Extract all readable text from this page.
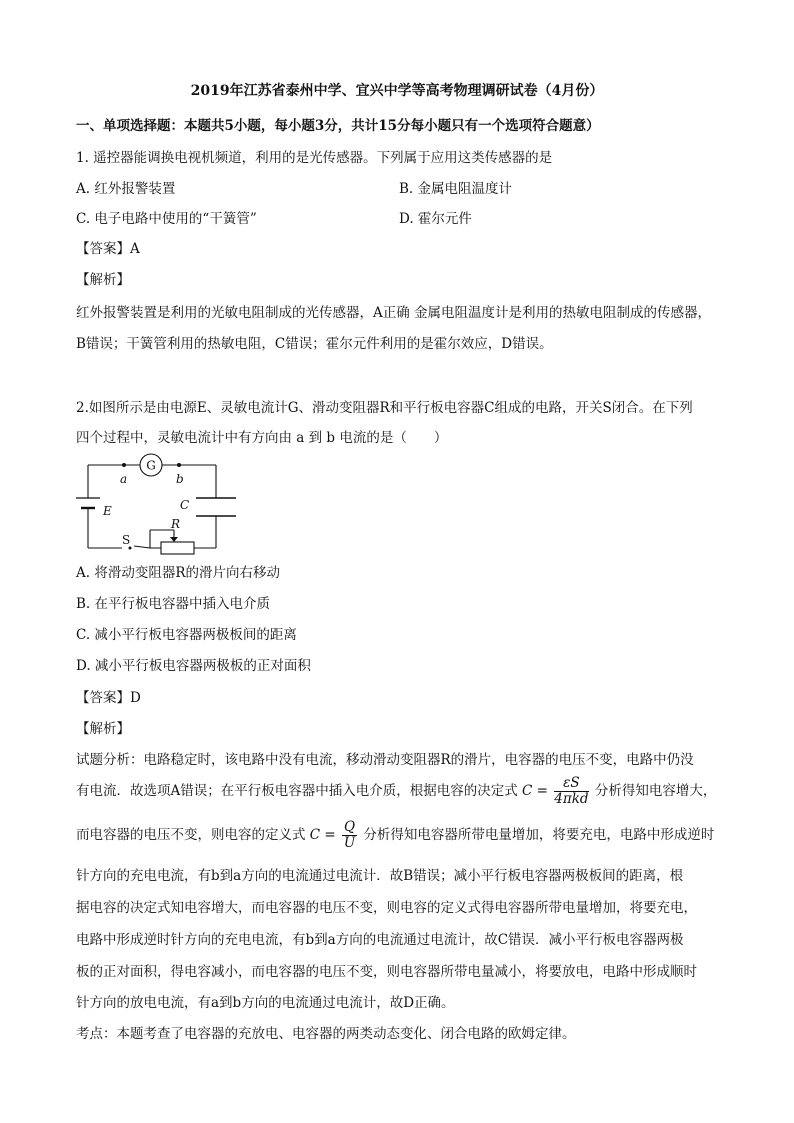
2019年江苏省泰州中学、宜兴中学等高考物理调研试卷（4月份）
一、单项选择题：本题共5小题，每小题3分，共计15分每小题只有一个选项符合题意）
1. 遥控器能调换电视机频道，利用的是光传感器。下列属于应用这类传感器的是
A. 红外报警装置	B. 金属电阻温度计
C. 电子电路中使用的“干簧管”	D. 霍尔元件
【答案】A
【解析】
红外报警装置是利用的光敏电阻制成的光传感器，A正确 金属电阻温度计是利用的热敏电阻制成的传感器，
B错误；干簧管利用的热敏电阻，C错误；霍尔元件利用的是霍尔效应，D错误。
2.如图所示是由电源E、灵敏电流计G、滑动变阻器R和平行板电容器C组成的电路，开关S闭合。在下列
四个过程中，灵敏电流计中有方向由 a 到 b 电流的是（　　）
G
a	b
C
E
R
S
A. 将滑动变阻器R的滑片向右移动
B. 在平行板电容器中插入电介质
C. 减小平行板电容器两极板间的距离
D. 减小平行板电容器两极板的正对面积
【答案】D
【解析】
试题分析：电路稳定时，该电路中没有电流，移动滑动变阻器R的滑片，电容器的电压不变，电路中仍没
有电流．故选项A错误；在平行板电容器中插入电介质，根据电容的决定式 $C = \frac{\varepsilon S}{\text{4πkd}}$ 分析得知电容增大，
而电容器的电压不变，则电容的定义式 $C = \frac{Q}{U}$ 分析得知电容器所带电量增加，将要充电，电路中形成逆时
针方向的充电电流，有b到a方向的电流通过电流计．故B错误；减小平行板电容器两极板间的距离，根
据电容的决定式知电容增大，而电容器的电压不变，则电容的定义式得电容器所带电量增加，将要充电，
电路中形成逆时针方向的充电电流，有b到a方向的电流通过电流计，故C错误．减小平行板电容器两极
板的正对面积，得电容减小，而电容器的电压不变，则电容器所带电量减小，将要放电，电路中形成顺时
针方向的放电电流，有a到b方向的电流通过电流计，故D正确。
考点：本题考查了电容器的充放电、电容器的两类动态变化、闭合电路的欧姆定律。
